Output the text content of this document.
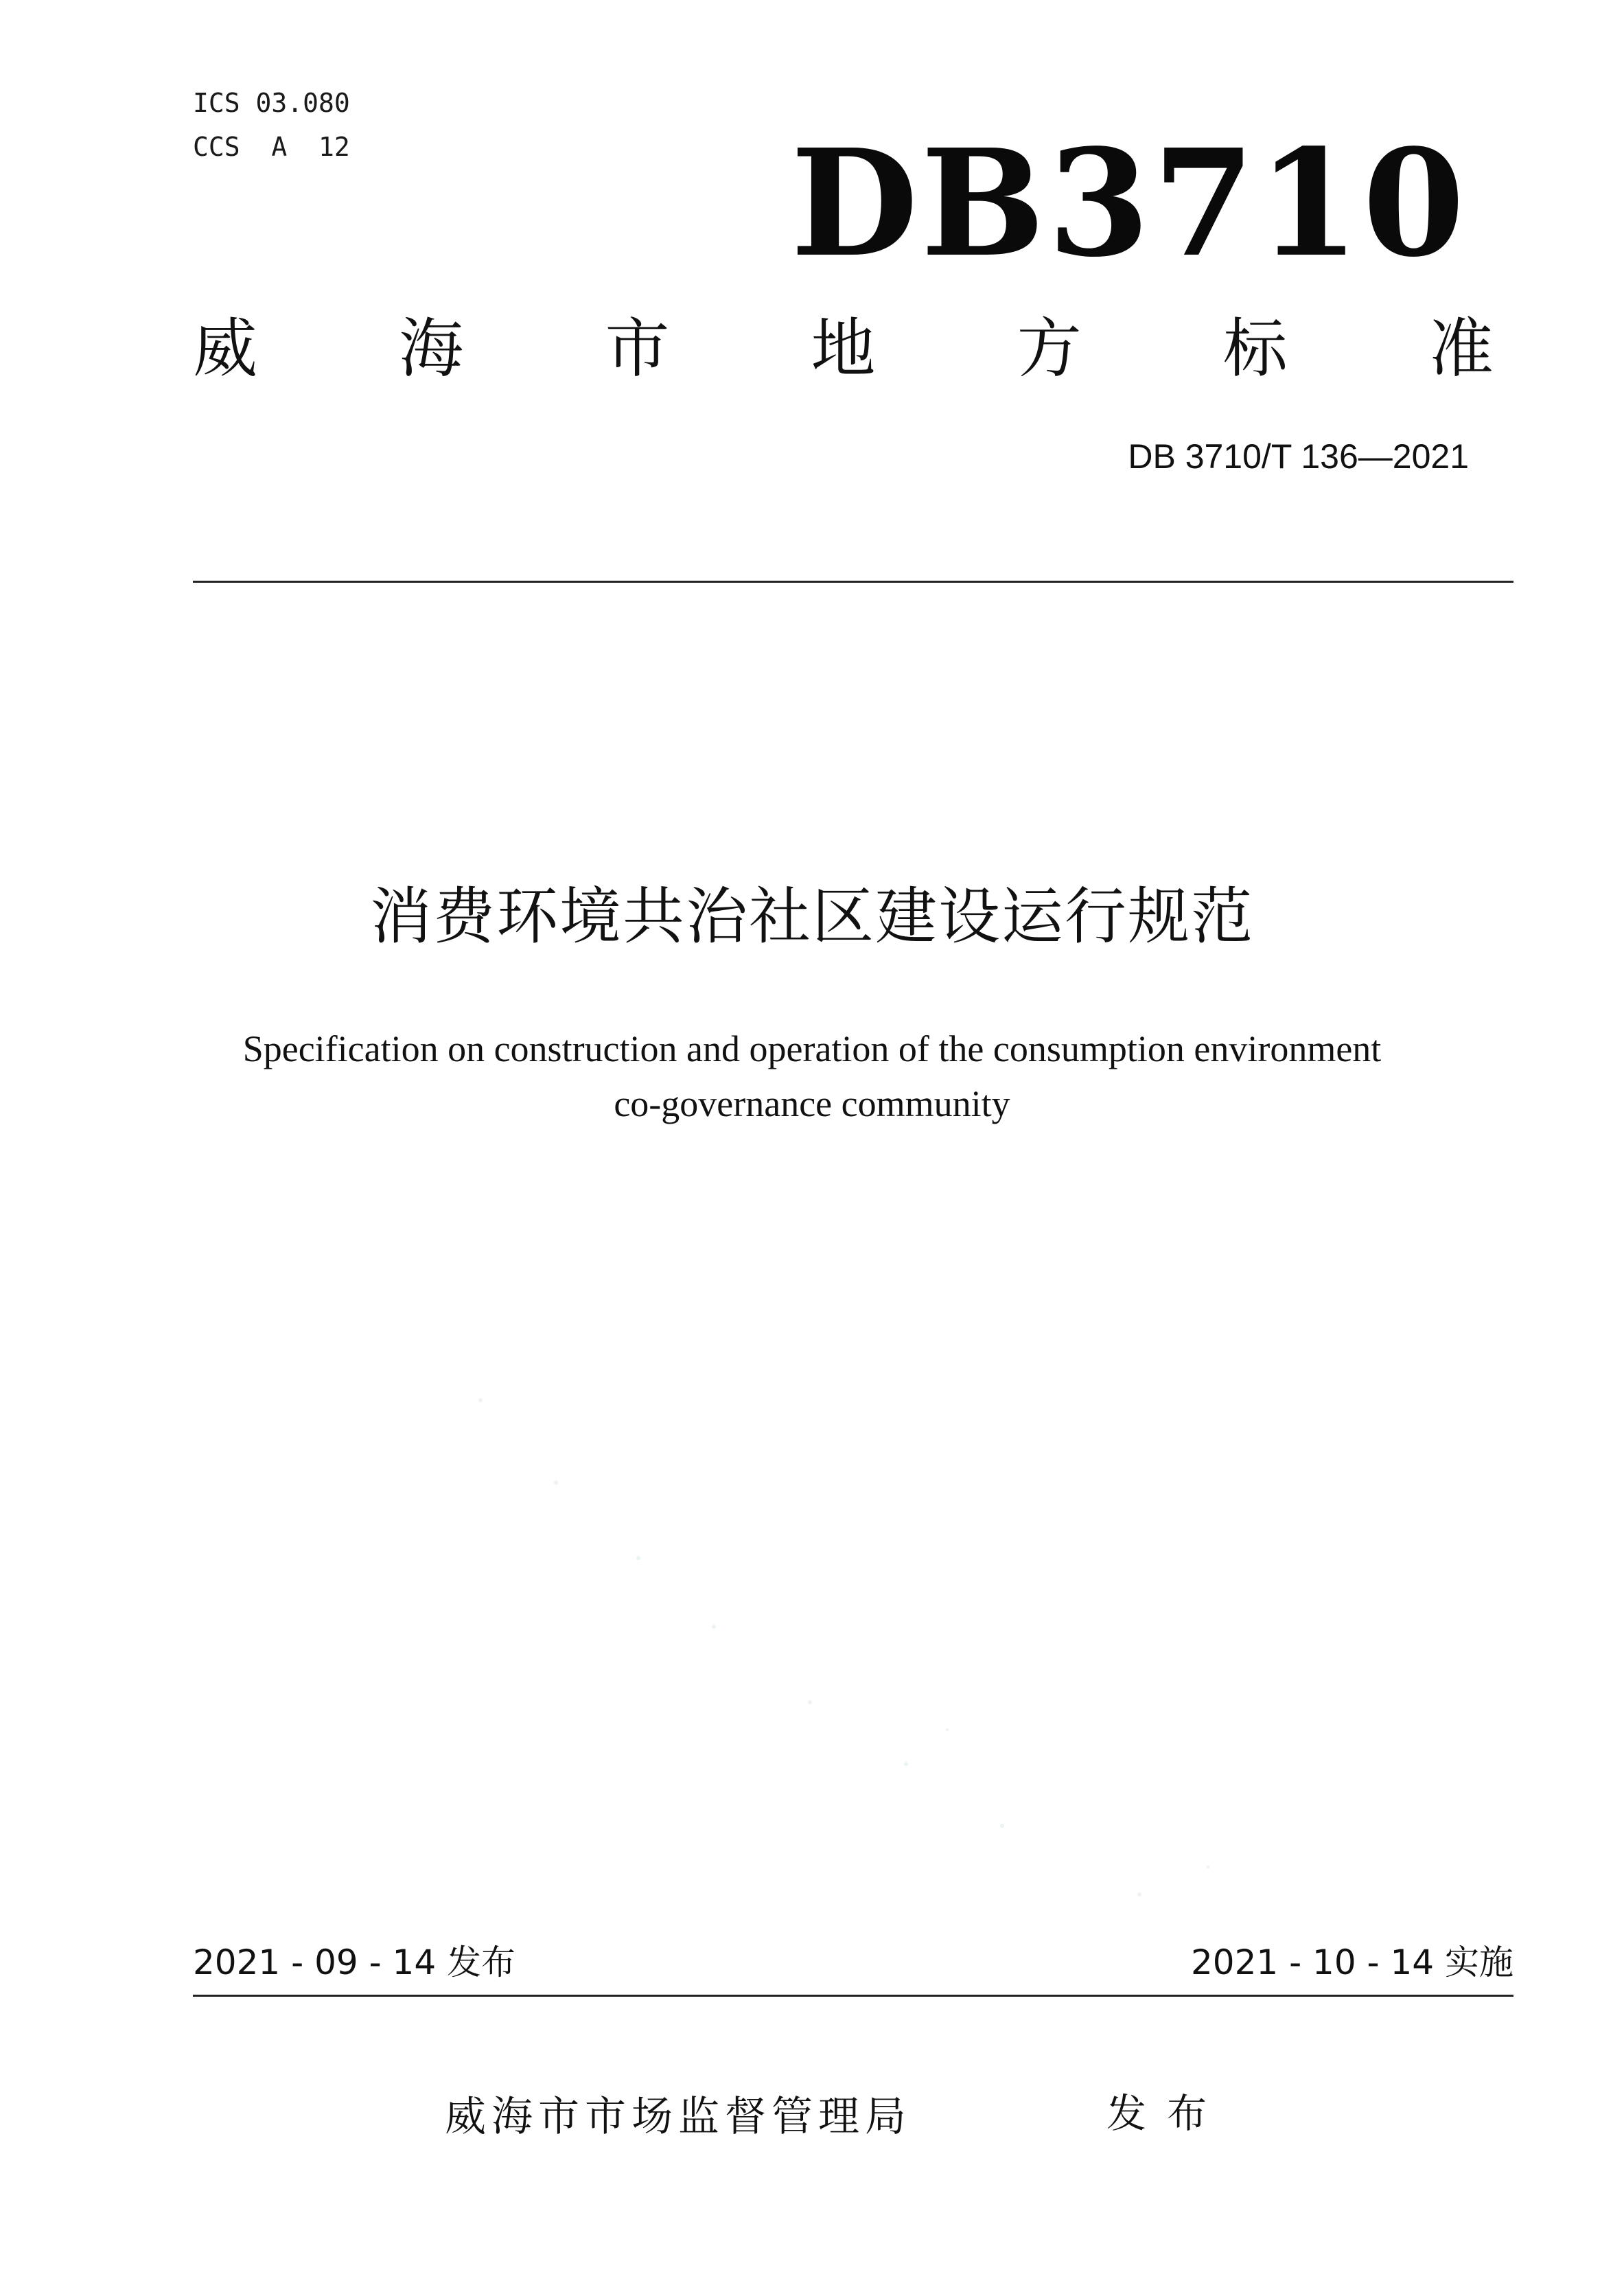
ICS 03.080
CCS  A  12	DB3710
威 海 市 地 方 标 准
DB 3710/T 136—2021
消费环境共治社区建设运行规范
Specification on construction and operation of the consumption environment
co-governance community
2021 - 09 - 14 发布	2021 - 10 - 14 实施
威海市市场监督管理局	发布
